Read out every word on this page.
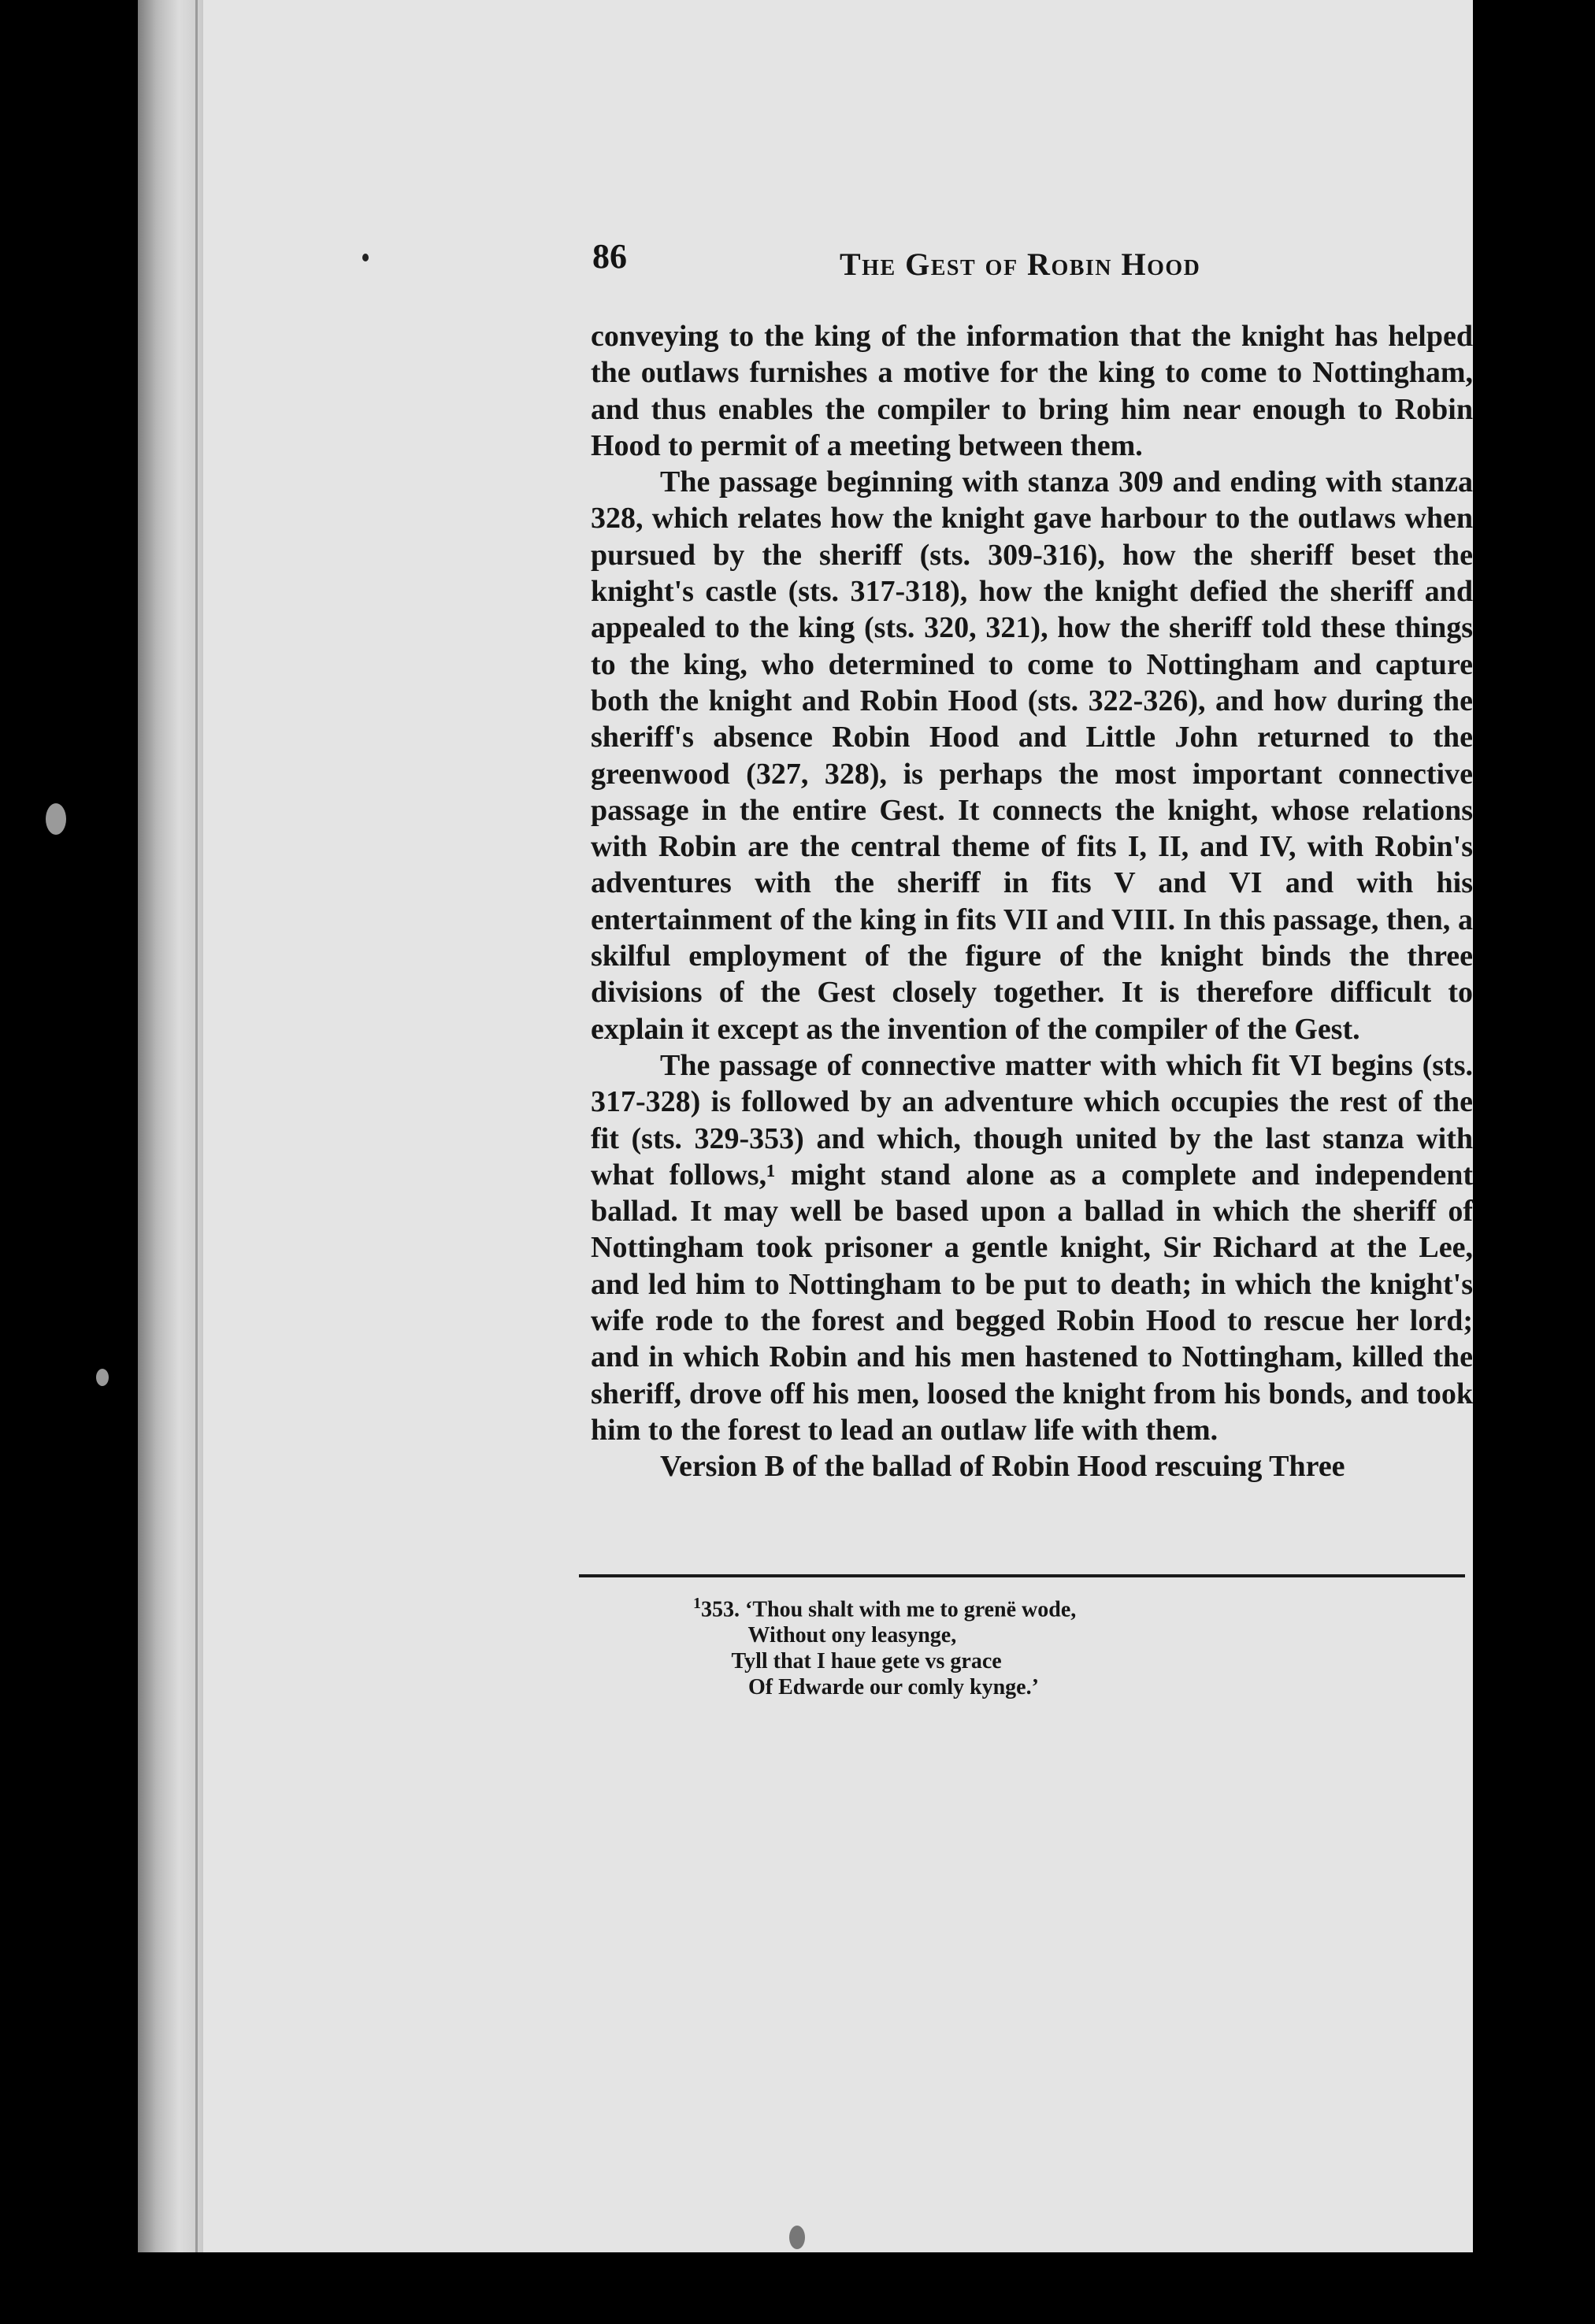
86	The Gest of Robin Hood

conveying to the king of the information that the knight has helped the outlaws furnishes a motive for the king to come to Nottingham, and thus enables the compiler to bring him near enough to Robin Hood to permit of a meeting between them.

The passage beginning with stanza 309 and ending with stanza 328, which relates how the knight gave harbour to the outlaws when pursued by the sheriff (sts. 309-316), how the sheriff beset the knight's castle (sts. 317-318), how the knight defied the sheriff and appealed to the king (sts. 320, 321), how the sheriff told these things to the king, who determined to come to Nottingham and capture both the knight and Robin Hood (sts. 322-326), and how during the sheriff's absence Robin Hood and Little John returned to the greenwood (327, 328), is perhaps the most important connective passage in the entire Gest. It connects the knight, whose relations with Robin are the central theme of fits I, II, and IV, with Robin's adventures with the sheriff in fits V and VI and with his entertainment of the king in fits VII and VIII. In this passage, then, a skilful employment of the figure of the knight binds the three divisions of the Gest closely together. It is therefore difficult to explain it except as the invention of the compiler of the Gest.

The passage of connective matter with which fit VI begins (sts. 317-328) is followed by an adventure which occupies the rest of the fit (sts. 329-353) and which, though united by the last stanza with what follows,¹ might stand alone as a complete and independent ballad. It may well be based upon a ballad in which the sheriff of Nottingham took prisoner a gentle knight, Sir Richard at the Lee, and led him to Nottingham to be put to death; in which the knight's wife rode to the forest and begged Robin Hood to rescue her lord; and in which Robin and his men hastened to Nottingham, killed the sheriff, drove off his men, loosed the knight from his bonds, and took him to the forest to lead an outlaw life with them.

Version B of the ballad of Robin Hood rescuing Three

$^1$353. ‘Thou shalt with me to grenë wode,
Without ony leasynge,
Tyll that I haue gete vs grace
Of Edwarde our comly kynge.’
